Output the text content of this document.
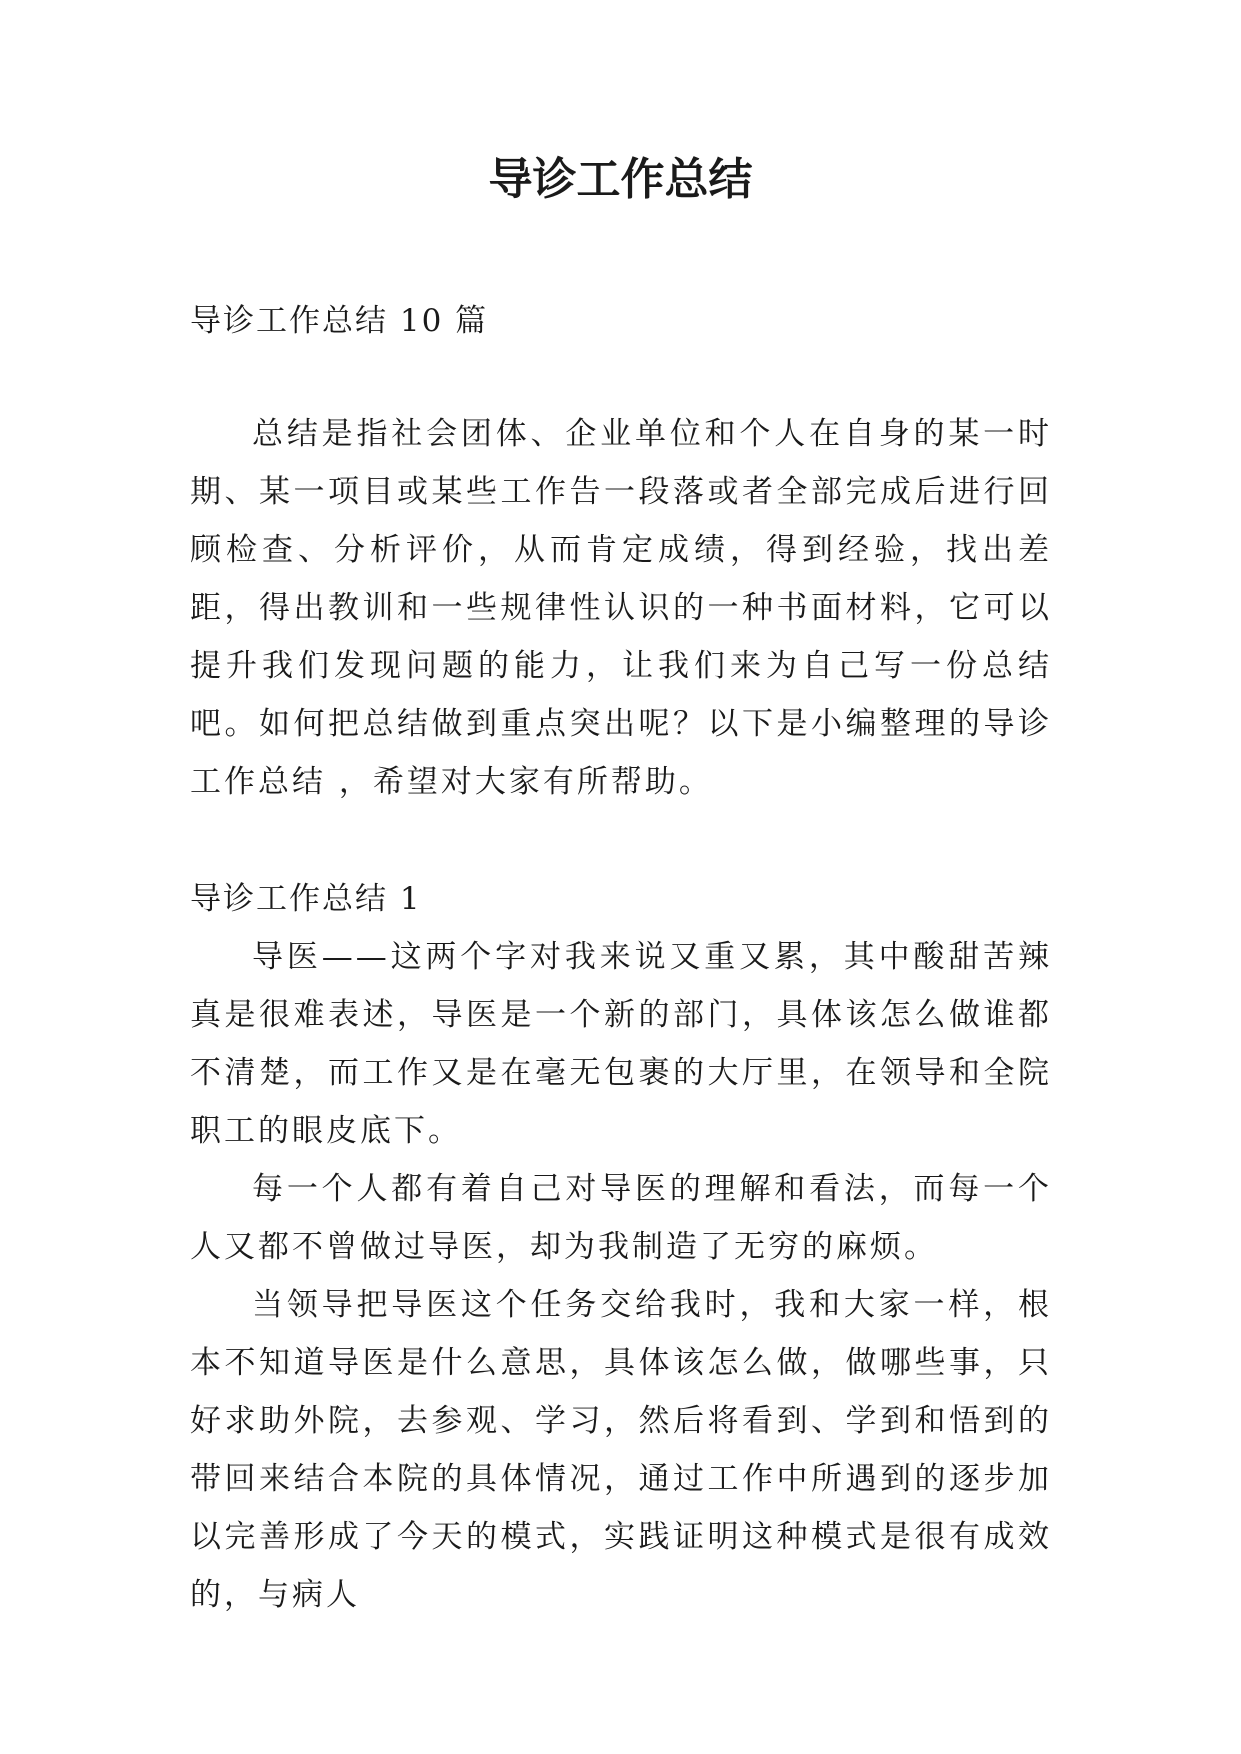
导诊工作总结
导诊工作总结 10 篇

总结是指社会团体、企业单位和个人在自身的某一时期、某一项目或某些工作告一段落或者全部完成后进行回顾检查、分析评价，从而肯定成绩，得到经验，找出差距，得出教训和一些规律性认识的一种书面材料，它可以提升我们发现问题的能力，让我们来为自己写一份总结吧。如何把总结做到重点突出呢？以下是小编整理的导诊工作总结 ，希望对大家有所帮助。

导诊工作总结 1

导医——这两个字对我来说又重又累，其中酸甜苦辣真是很难表述，导医是一个新的部门，具体该怎么做谁都不清楚，而工作又是在毫无包裹的大厅里，在领导和全院职工的眼皮底下。

每一个人都有着自己对导医的理解和看法，而每一个人又都不曾做过导医，却为我制造了无穷的麻烦。

当领导把导医这个任务交给我时，我和大家一样，根本不知道导医是什么意思，具体该怎么做，做哪些事，只好求助外院，去参观、学习，然后将看到、学到和悟到的带回来结合本院的具体情况，通过工作中所遇到的逐步加以完善形成了今天的模式，实践证明这种模式是很有成效的，与病人
